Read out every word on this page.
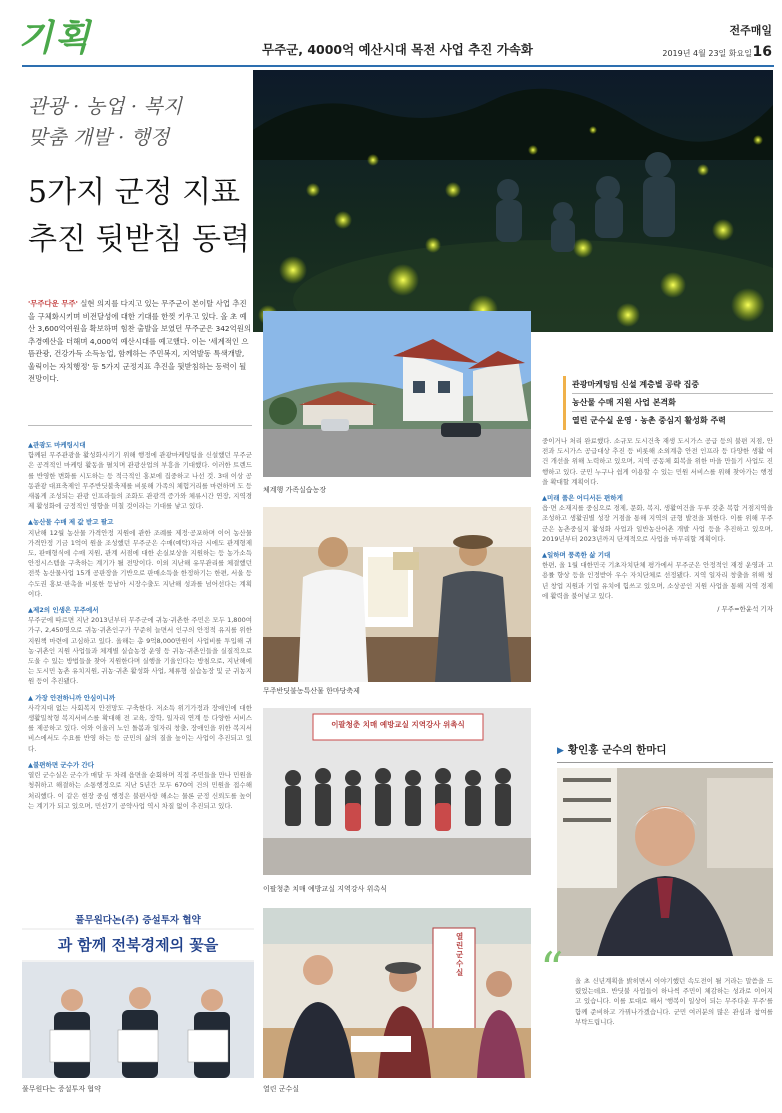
기획	무주군, 4000억 예산시대 목전 사업 추진 가속화
전주매일
2019년 4월 23일 화요일 16
관광 · 농업 · 복지
맞춤 개발 · 행정
5가지 군정 지표
추진 뒷받침 동력
'무주다운 무주' 실현 의지를 다지고 있는 무주군이 본이탈 사업 추진을 구체화시키며 비전달성에 대한 기대를 한껏 키우고 있다. 올 초 예산 3,600억여원을 확보하며 힘찬 출발을 보였던 무주군은 342억원의 추경예산을 더해며 4,000억 예산시대를 예고했다. 이는 '세계적인 으뜸관광, 건강가득 소득농업, 함께하는 주민복지, 지역발동 특색개발, 울릭이는 자치행정' 등 5가지 군정지표 추진을 뒷받침하는 동력이 될 전망이다.
▲관광도 마케팅시대

함께된 무주관광을 활성화시키기 위해 행정에 관광마케팅팀을 신설했던 무주군은 공격적인 마케팅 활동을 펼치며 관광산업의 부흥을 기대했다. 이러한 트렌드를 반영한 변화를 시도하는 등 적극적인 홍보에 집중하고 나선 것. 3대 이상 공동관광 대표축제인 무주반딧불축제를 비롯해 가족의 체험거리를 마련하며 도 등 새롭게 조성되는 관광 인프라들의 조화도 관광객 증가와 체류시간 연장, 지역경제 활성화에 긍정적인 영향을 미칠 것이라는 기대를 낳고 있다.

▲농산물 수매 제 값 받고 팔고

지난해 12월 농산물 가격안정 지원에 관한 조례를 제정·공포하며 이어 농산물 가격안정 기금 1억여 원을 조성했던 무주군은 수매(예탁)자금 시에도 관계형제도, 판매형식에 수매 지원, 관계 서점에 대한 손실보상을 지원하는 등 농가소득 안정시스템을 구축하는 계기가 될 전망이다. 이외 지난해 유무관리를 체결했던 전북 농산물사업 15개 공판장을 기반으로 판매소득을 한정하기는 한편, 서울 등 수도권 홍보·판촉을 비롯한 등남아 시장수출도 지난해 성과를 넘어선다는 계획이다.

▲제2의 인생은 무주에서

무주군에 따르면 지난 2013년부터 무주군에 귀농·귀촌한 주민은 모두 1,800여 가구, 2,450명으로 귀농·귀촌인구가 꾸준히 늘면서 인구의 안정적 유지를 위한 지원책 마련에 고심하고 있다. 올해는 총 9억8,000만원이 사업비를 투입해 귀농·귀촌인 지원 사업들과 체계별 실습농장 운영 등 귀농·귀촌인들을 실질적으로 도울 수 있는 방법들을 찾아 지원한다며 실행을 기울인다는 방침으로, 지난해에는 도시민 농촌 유치지원, 귀농·귀촌 활성화 사업, 체류형 실습농장 및 군 귀농지원 등이 추진됐다.

▲ 가장 안전하니까 안심이니까

사각지대 없는 사회복지 안전망도 구축한다. 저소득 위기가정과 장애인에 대한 생활밀착형 복지서비스를 확대해 전 교육, 장학, 일자리 연계 등 다양한 서비스를 제공하고 있다. 이와 이울러 노인 돌봄과 일자리 창출, 장애인을 위한 복지서비스에서도 수요를 반영 하는 등 군민의 삶의 질을 높이는 사업이 추진되고 있다.

▲불편하면 군수가 간다

열린 군수실은 군수가 매달 두 차례 읍면을 순회하며 직접 주민들을 만나 민원을 청취하고 해결하는 소통행정으로 지난 5년간 모두 670여 건의 민원을 접수해 처리했다. 이 같은 현장 중심 행정은 불편사항 해소는 물론 군정 신뢰도를 높이는 계기가 되고 있으며, 민선7기 공약사업 역시 차질 없이 추진되고 있다.

체계행 가족실습농장
관광마케팅팀 신설 계층별 공략 집중
농산물 수매 지원 사업 본격화
열린 군수실 운영 · 농촌 중심지 활성화 주력

중이거나 처리 완료했다. 소규모 도시건축 재생 도시가스 공급 등의 불편 지점, 안전과 도시가스 공급대상 추진 등 비롯해 소외계층 안전 인프라 등 다양한 생활 여건 개선을 위해 노력하고 있으며, 지역 공동체 회복을 위한 마을 만들기 사업도 진행하고 있다. 군민 누구나 쉽게 이용할 수 있는 민원 서비스를 위해 찾아가는 행정을 확대할 계획이다.

▲미래 품은 어디서든 편하게

읍·면 소재지를 중심으로 경제, 문화, 복지, 생활여건을 두루 갖춘 복합 거점지역을 조성하고 생활권별 성장 거점을 통해 지역의 균형 발전을 꾀한다. 이를 위해 무주군은 농촌중심지 활성화 사업과 일반농산어촌 개발 사업 등을 추진하고 있으며, 2019년부터 2023년까지 단계적으로 사업을 마무리할 계획이다.

▲일하며 풍족한 삶 기대

한편, 올 1월 대한민국 기초자치단체 평가에서 무주군은 안정적인 재정 운영과 고용률 향상 등을 인정받아 우수 자치단체로 선정됐다. 지역 일자리 창출을 위해 청년 창업 지원과 기업 유치에 힘쓰고 있으며, 소상공인 지원 사업을 통해 지역 경제에 활력을 불어넣고 있다.

/ 무주=한윤석 기자
무주반딧불농특산물 한마당축제
이팔청춘 치매 예방교실 지역강사 위촉식
이팔청춘 치매 예방교실 지역강사 위촉식
▶ 황인홍 군수의 한마디
“ 올 초 신년계획을 밝히면서 이야기했던 속도전이 될 거라는 말씀을 드렸었는데요. 반딧불 사업들이 하나씩 주민이 체감하는 성과로 이어지고 있습니다. 이를 토대로 해서 '행복이 일상이 되는 무주다운 무주'를 함께 준비하고 가꿔나가겠습니다. 군민 여러분의 많은 관심과 참여를 부탁드립니다.

풀무원다논(주) 증설투자 협약
과 함께 전북경제의 꽃을
풀무원다는 증설투자 협약
열린군수실
열린 군수실
